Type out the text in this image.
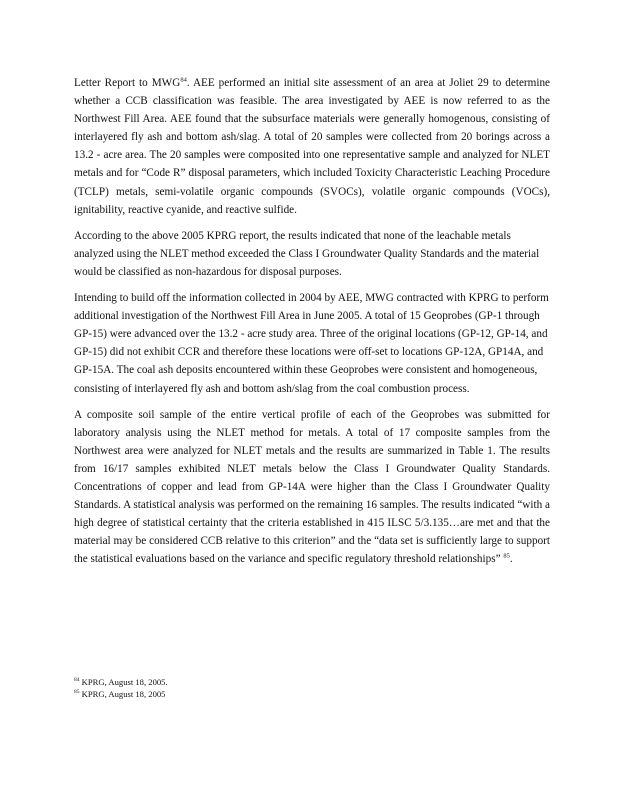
Letter Report to MWG$^{84}$. AEE performed an initial site assessment of an area at Joliet 29 to determine whether a CCB classification was feasible. The area investigated by AEE is now referred to as the Northwest Fill Area. AEE found that the subsurface materials were generally homogenous, consisting of interlayered fly ash and bottom ash/slag. A total of 20 samples were collected from 20 borings across a 13.2 - acre area. The 20 samples were composited into one representative sample and analyzed for NLET metals and for “Code R” disposal parameters, which included Toxicity Characteristic Leaching Procedure (TCLP) metals, semi-volatile organic compounds (SVOCs), volatile organic compounds (VOCs), ignitability, reactive cyanide, and reactive sulfide.

According to the above 2005 KPRG report, the results indicated that none of the leachable metals analyzed using the NLET method exceeded the Class I Groundwater Quality Standards and the material would be classified as non-hazardous for disposal purposes.

Intending to build off the information collected in 2004 by AEE, MWG contracted with KPRG to perform additional investigation of the Northwest Fill Area in June 2005. A total of 15 Geoprobes (GP-1 through GP-15) were advanced over the 13.2 - acre study area. Three of the original locations (GP-12, GP-14, and GP-15) did not exhibit CCR and therefore these locations were off-set to locations GP-12A, GP14A, and GP-15A. The coal ash deposits encountered within these Geoprobes were consistent and homogeneous, consisting of interlayered fly ash and bottom ash/slag from the coal combustion process.

A composite soil sample of the entire vertical profile of each of the Geoprobes was submitted for laboratory analysis using the NLET method for metals. A total of 17 composite samples from the Northwest area were analyzed for NLET metals and the results are summarized in Table 1. The results from 16/17 samples exhibited NLET metals below the Class I Groundwater Quality Standards. Concentrations of copper and lead from GP-14A were higher than the Class I Groundwater Quality Standards. A statistical analysis was performed on the remaining 16 samples. The results indicated “with a high degree of statistical certainty that the criteria established in 415 ILSC 5/3.135…are met and that the material may be considered CCB relative to this criterion” and the “data set is sufficiently large to support the statistical evaluations based on the variance and specific regulatory threshold relationships” $^{85}$.

$^{84}$ KPRG, August 18, 2005.
$^{85}$ KPRG, August 18, 2005
